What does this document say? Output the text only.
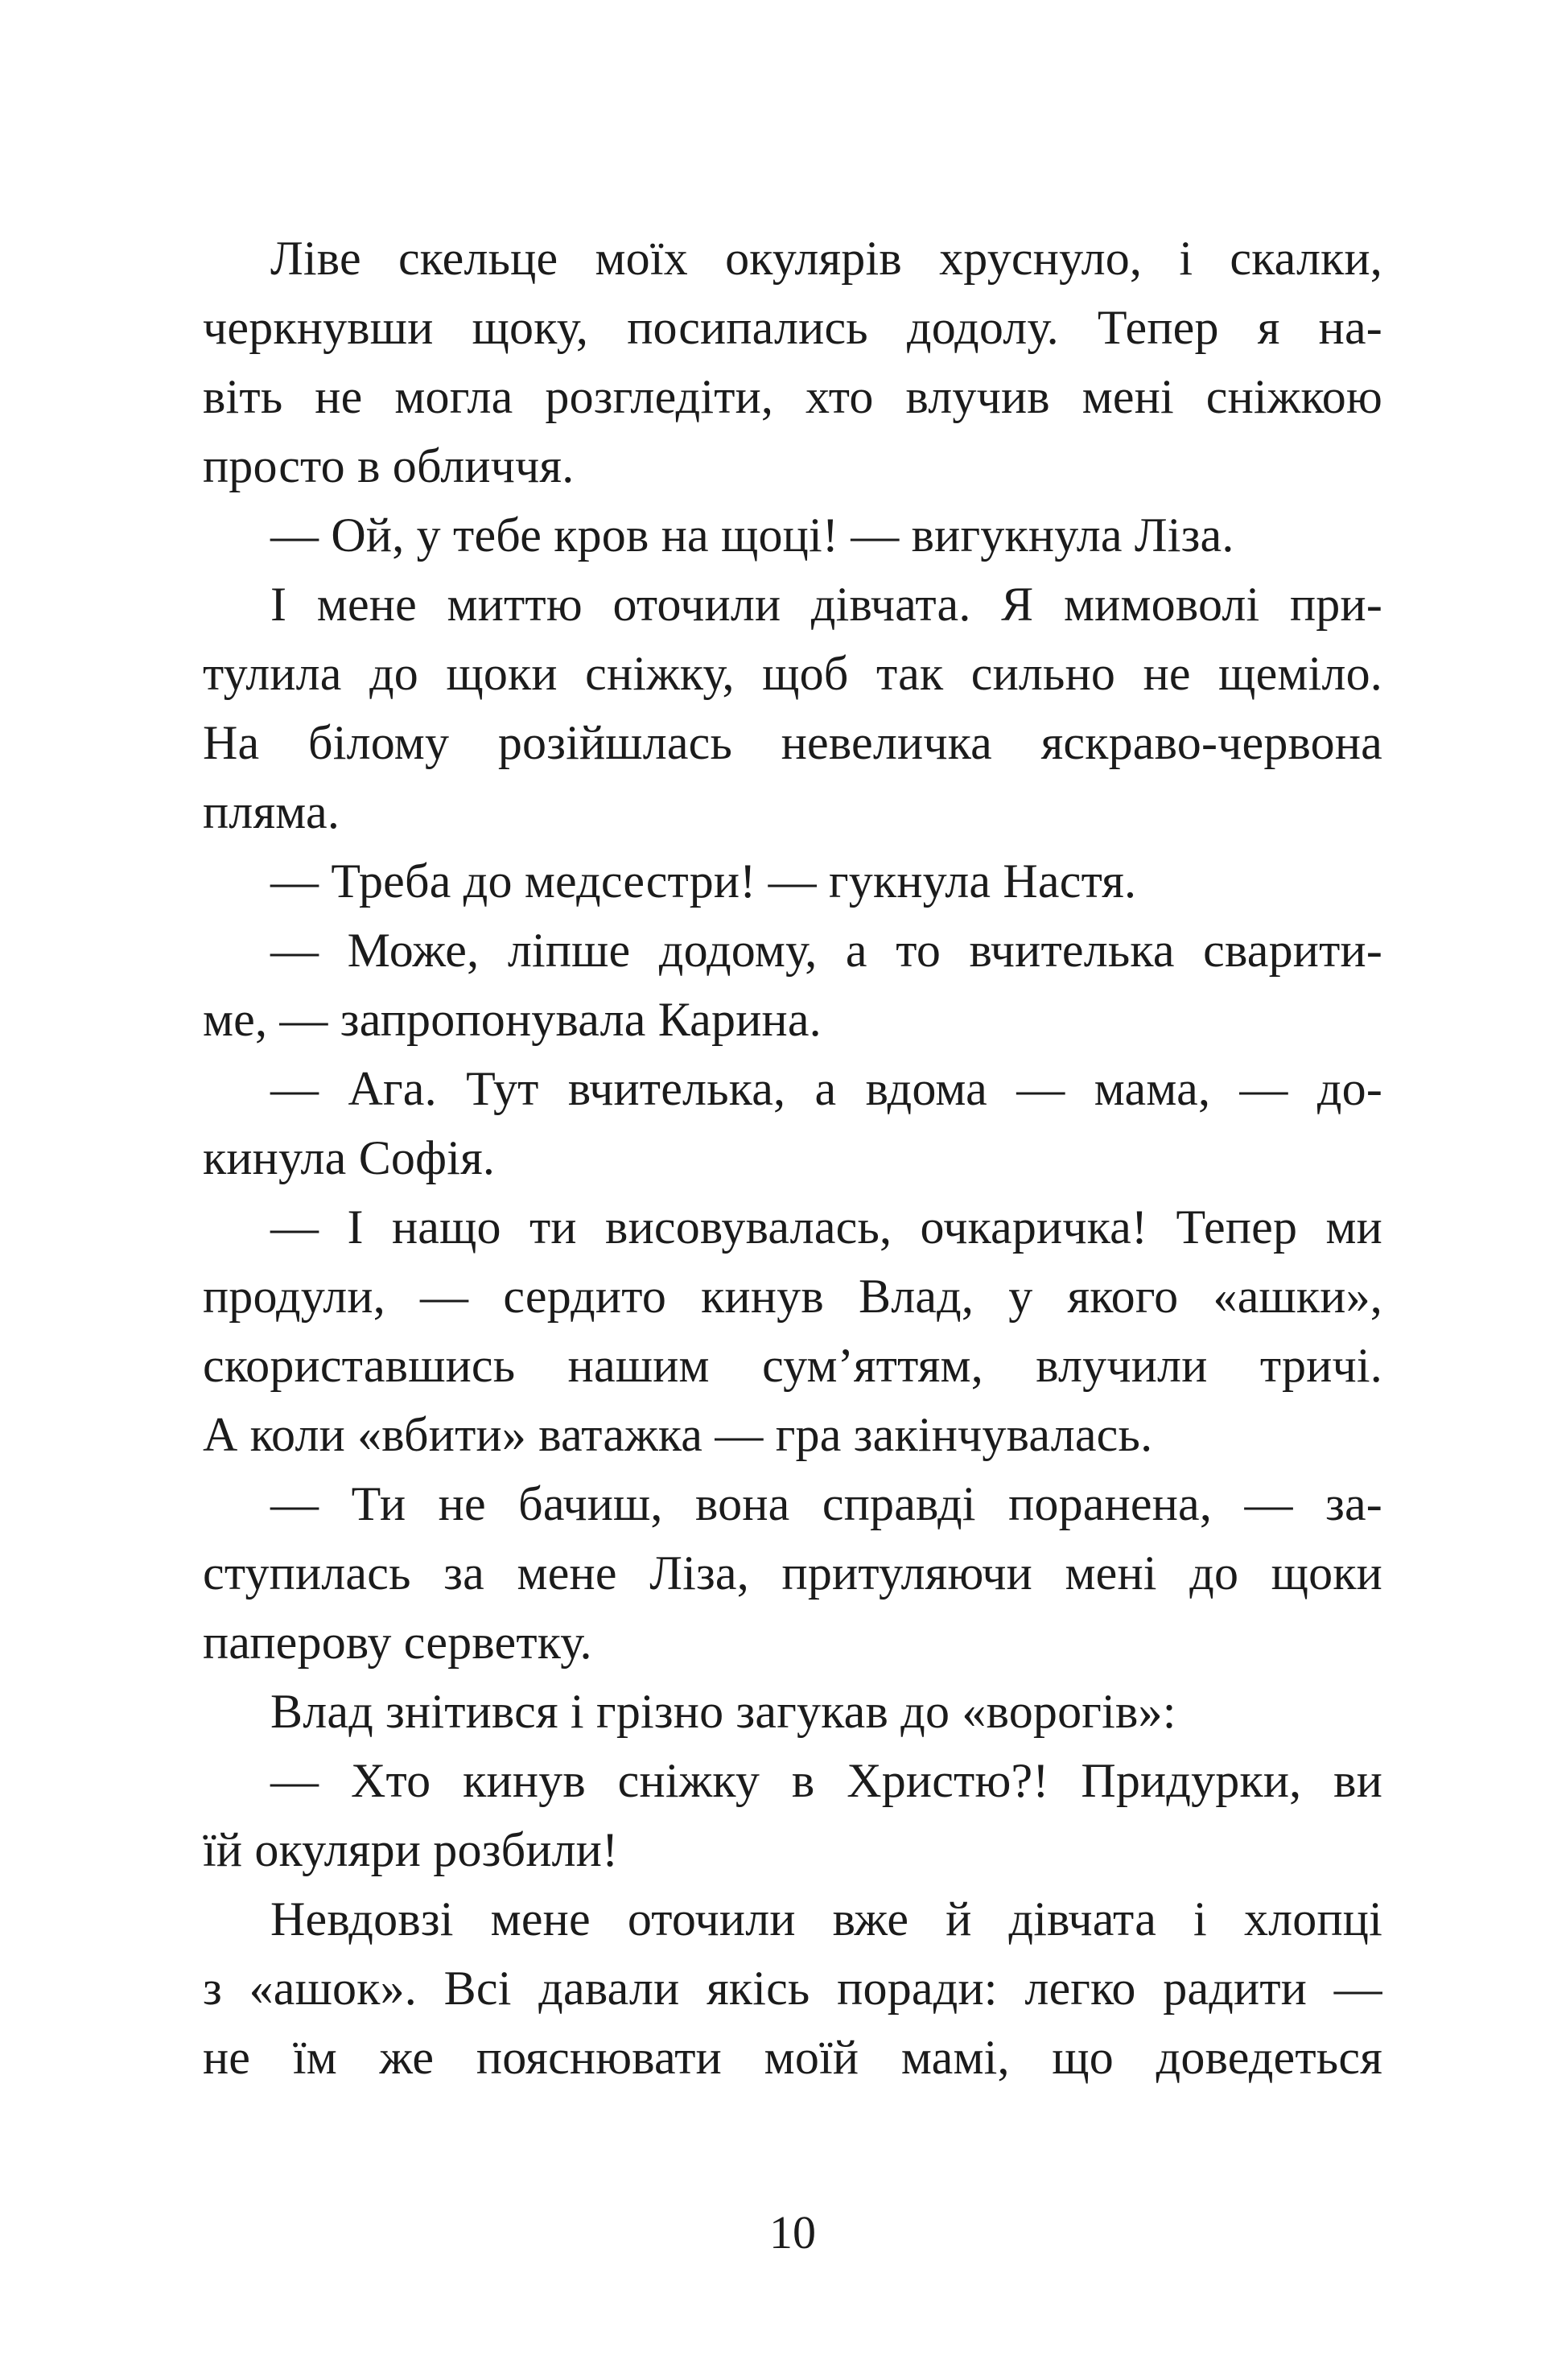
Ліве скельце моїх окулярів хруснуло, і скалки,
черкнувши щоку, посипались додолу. Тепер я на-
віть не могла розгледіти, хто влучив мені сніжкою
просто в обличчя.
— Ой, у тебе кров на щоці! — вигукнула Ліза.
І мене миттю оточили дівчата. Я мимоволі при-
тулила до щоки сніжку, щоб так сильно не щеміло.
На білому розійшлась невеличка яскраво-червона
пляма.
— Треба до медсестри! — гукнула Настя.
— Може, ліпше додому, а то вчителька сварити-
ме, — запропонувала Карина.
— Ага. Тут вчителька, а вдома — мама, — до-
кинула Софія.
— І нащо ти висовувалась, очкаричка! Тепер ми
продули, — сердито кинув Влад, у якого «ашки»,
скориставшись нашим сум’яттям, влучили тричі.
А коли «вбити» ватажка — гра закінчувалась.
— Ти не бачиш, вона справді поранена, — за-
ступилась за мене Ліза, притуляючи мені до щоки
паперову серветку.
Влад знітився і грізно загукав до «ворогів»:
— Хто кинув сніжку в Христю?! Придурки, ви
їй окуляри розбили!
Невдовзі мене оточили вже й дівчата і хлопці
з «ашок». Всі давали якісь поради: легко радити —
не їм же пояснювати моїй мамі, що доведеться
10
